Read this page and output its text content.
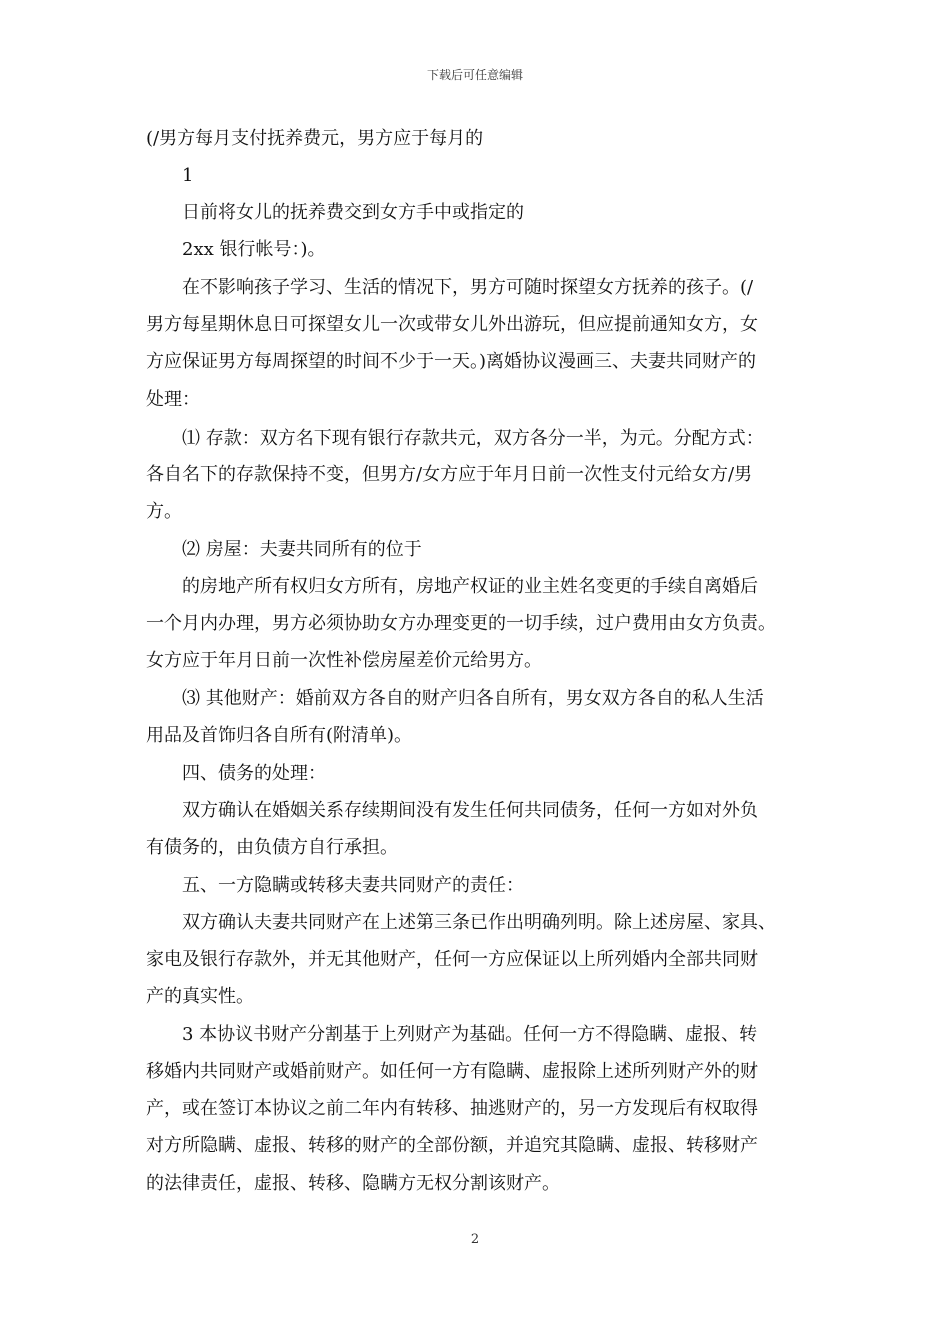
下载后可任意编辑
(/男方每月支付抚养费元，男方应于每月的
1
日前将女儿的抚养费交到女方手中或指定的
2xx 银行帐号：)。
在不影响孩子学习、生活的情况下，男方可随时探望女方抚养的孩子。(/
男方每星期休息日可探望女儿一次或带女儿外出游玩，但应提前通知女方，女
方应保证男方每周探望的时间不少于一天。)离婚协议漫画三、夫妻共同财产的
处理：
⑴ 存款：双方名下现有银行存款共元，双方各分一半，为元。分配方式：
各自名下的存款保持不变，但男方/女方应于年月日前一次性支付元给女方/男
方。
⑵ 房屋：夫妻共同所有的位于
的房地产所有权归女方所有，房地产权证的业主姓名变更的手续自离婚后
一个月内办理，男方必须协助女方办理变更的一切手续，过户费用由女方负责。
女方应于年月日前一次性补偿房屋差价元给男方。
⑶ 其他财产：婚前双方各自的财产归各自所有，男女双方各自的私人生活
用品及首饰归各自所有(附清单)。
四、债务的处理：
双方确认在婚姻关系存续期间没有发生任何共同债务，任何一方如对外负
有债务的，由负债方自行承担。
五、一方隐瞒或转移夫妻共同财产的责任：
双方确认夫妻共同财产在上述第三条已作出明确列明。除上述房屋、家具、
家电及银行存款外，并无其他财产，任何一方应保证以上所列婚内全部共同财
产的真实性。
3 本协议书财产分割基于上列财产为基础。任何一方不得隐瞒、虚报、转
移婚内共同财产或婚前财产。如任何一方有隐瞒、虚报除上述所列财产外的财
产，或在签订本协议之前二年内有转移、抽逃财产的，另一方发现后有权取得
对方所隐瞒、虚报、转移的财产的全部份额，并追究其隐瞒、虚报、转移财产
的法律责任，虚报、转移、隐瞒方无权分割该财产。
2
